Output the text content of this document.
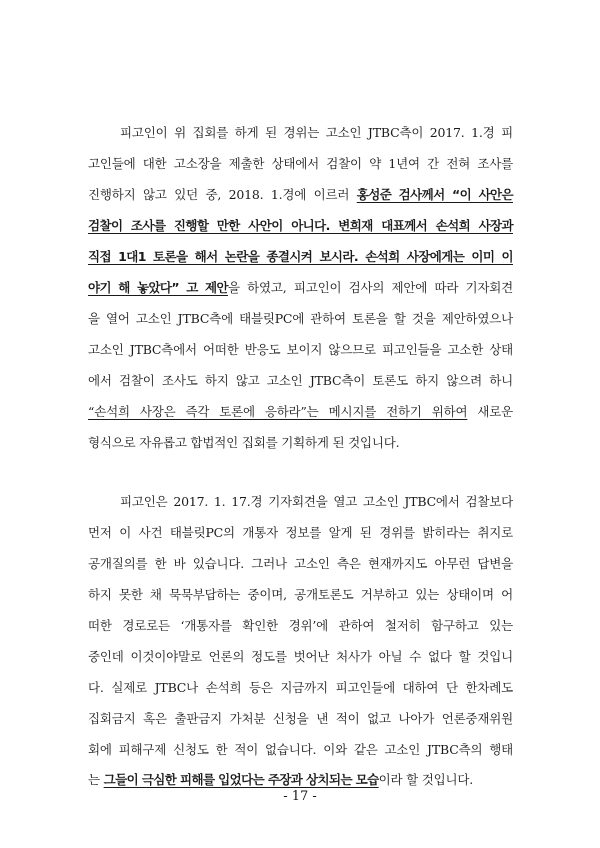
피고인이 위 집회를 하게 된 경위는 고소인 JTBC측이 2017. 1.경 피
고인들에 대한 고소장을 제출한 상태에서 검찰이 약 1년여 간 전혀 조사를
진행하지 않고 있던 중, 2018. 1.경에 이르러 홍성준 검사께서 “이 사안은
검찰이 조사를 진행할 만한 사안이 아니다. 변희재 대표께서 손석희 사장과
직접 1대1 토론을 해서 논란을 종결시켜 보시라. 손석희 사장에게는 이미 이
야기 해 놓았다” 고 제안을 하였고, 피고인이 검사의 제안에 따라 기자회견
을 열어 고소인 JTBC측에 태블릿PC에 관하여 토론을 할 것을 제안하였으나
고소인 JTBC측에서 어떠한 반응도 보이지 않으므로 피고인들을 고소한 상태
에서 검찰이 조사도 하지 않고 고소인 JTBC측이 토론도 하지 않으려 하니
“손석희 사장은 즉각 토론에 응하라”는 메시지를 전하기 위하여 새로운
형식으로 자유롭고 합법적인 집회를 기획하게 된 것입니다.
피고인은 2017. 1. 17.경 기자회견을 열고 고소인 JTBC에서 검찰보다
먼저 이 사건 태블릿PC의 개통자 정보를 알게 된 경위를 밝히라는 취지로
공개질의를 한 바 있습니다. 그러나 고소인 측은 현재까지도 아무런 답변을
하지 못한 채 묵묵부답하는 중이며, 공개토론도 거부하고 있는 상태이며 어
떠한 경로로든 ‘개통자를 확인한 경위’에 관하여 철저히 함구하고 있는
중인데 이것이야말로 언론의 정도를 벗어난 처사가 아닐 수 없다 할 것입니
다. 실제로 JTBC나 손석희 등은 지금까지 피고인들에 대하여 단 한차례도
집회금지 혹은 출판금지 가처분 신청을 낸 적이 없고 나아가 언론중재위원
회에 피해구제 신청도 한 적이 없습니다. 이와 같은 고소인 JTBC측의 행태
는 그들이 극심한 피해를 입었다는 주장과 상치되는 모습이라 할 것입니다.
- 17 -
